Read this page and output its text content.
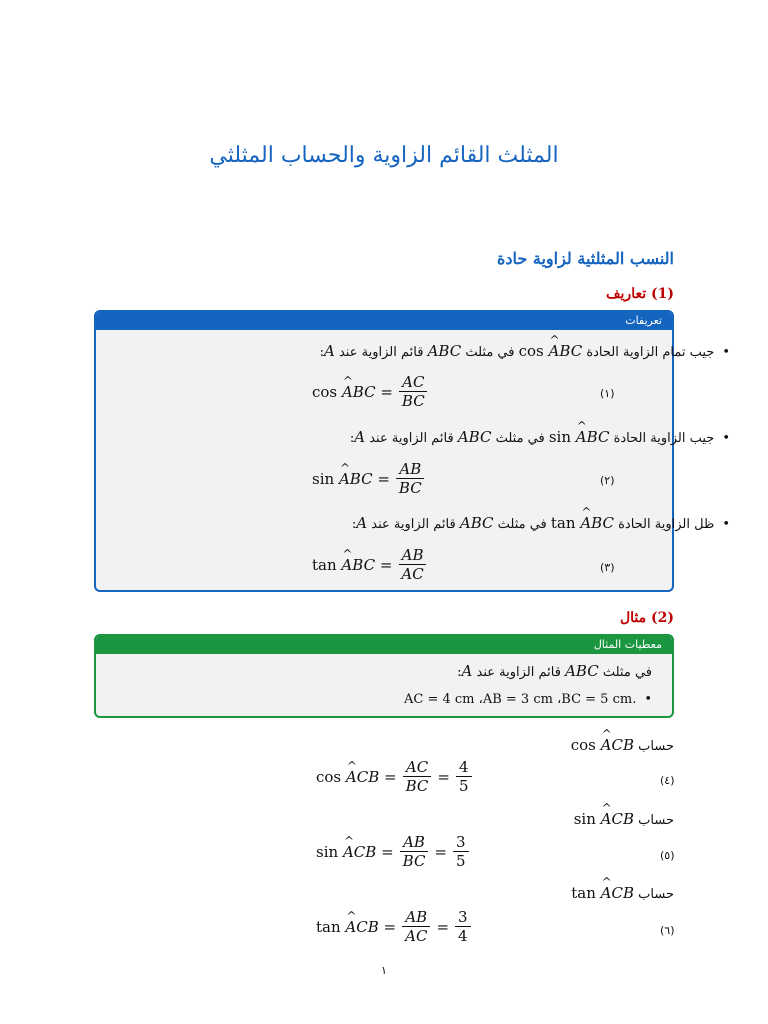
المثلث القائم الزاوية والحساب المثلثي
النسب المثلثية لزاوية حادة
(1) تعاريف
تعريفات
•جيب تمام الزاوية الحادة cos ^ ABC في مثلث ABC قائم الزاوية عند A:
cos ^ ABC = $\frac{AC}{BC}$	(١)
•جيب الزاوية الحادة sin ^ ABC في مثلث ABC قائم الزاوية عند A:
sin ^ ABC = $\frac{AB}{BC}$	(٢)
•ظل الزاوية الحادة tan ^ ABC في مثلث ABC قائم الزاوية عند A:
tan ^ ABC = $\frac{AB}{AC}$	(٣)
(2) مثال
معطيات المثال
في مثلث ABC قائم الزاوية عند A:
•.AC = 4 cm ،AB = 3 cm ،BC = 5 cm
حساب cos ^ ACB
cos
^ ACB = $\frac{AC}{BC} = \frac{4}{5}$	(٤)
حساب sin ^ ACB
sin
^ ACB = $\frac{AB}{BC} = \frac{3}{5}$	(٥)
حساب tan ^ ACB
tan
^ ACB = $\frac{AB}{AC} = \frac{3}{4}$	(٦)
١
